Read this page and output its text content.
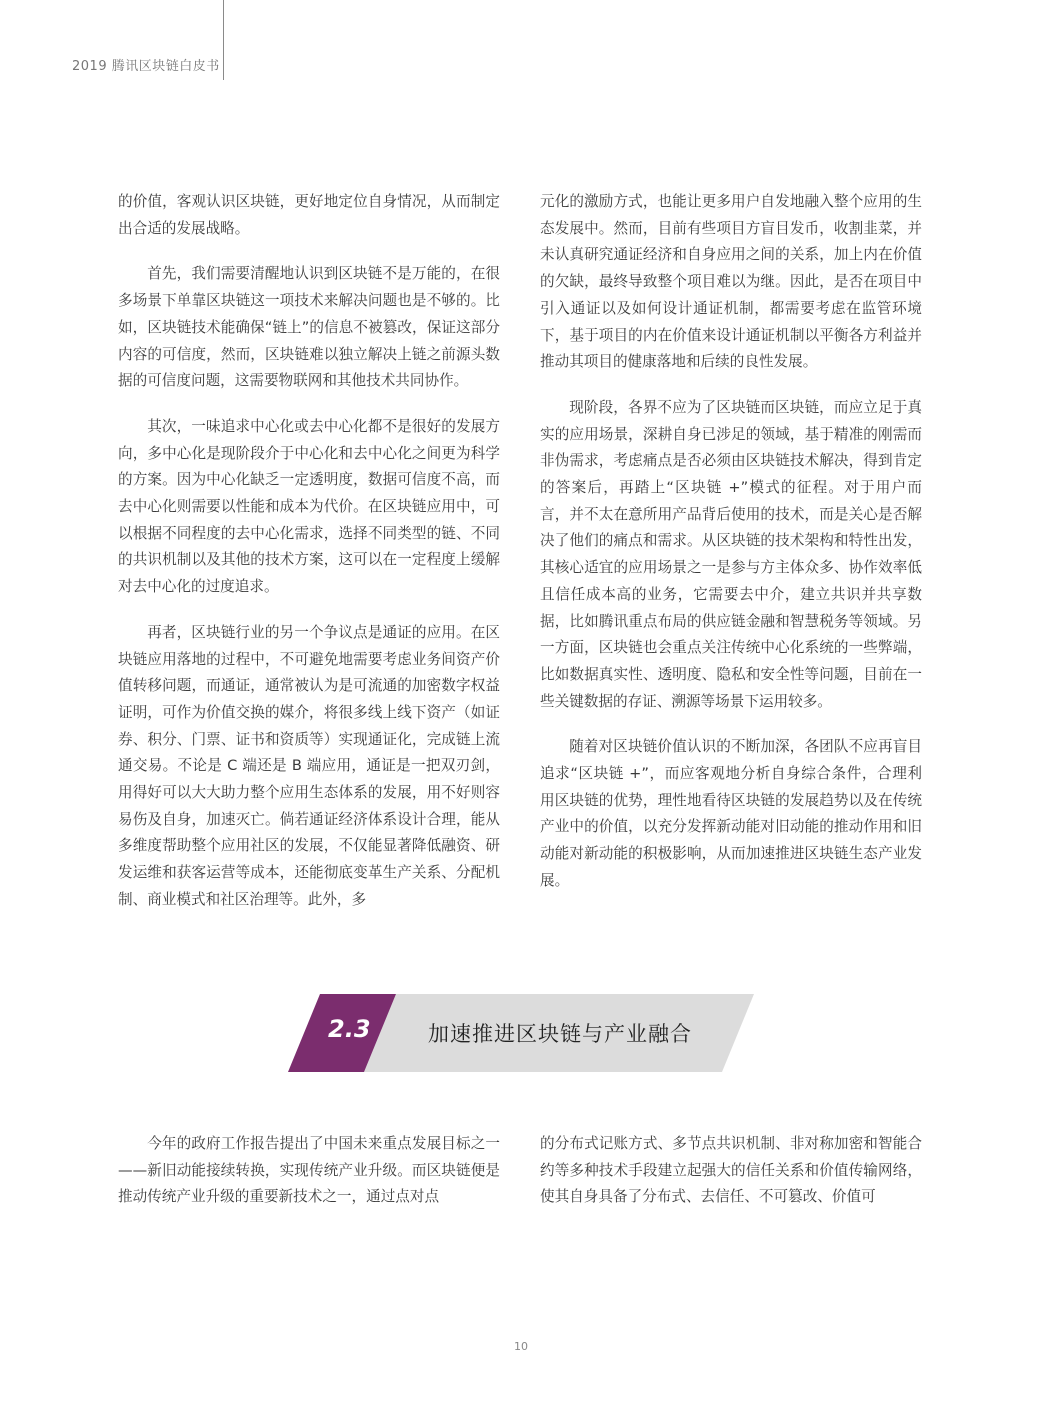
2019 腾讯区块链白皮书

的价值，客观认识区块链，更好地定位自身情况，从而制定出合适的发展战略。

首先，我们需要清醒地认识到区块链不是万能的，在很多场景下单靠区块链这一项技术来解决问题也是不够的。比如，区块链技术能确保“链上”的信息不被篡改，保证这部分内容的可信度，然而，区块链难以独立解决上链之前源头数据的可信度问题，这需要物联网和其他技术共同协作。

其次，一味追求中心化或去中心化都不是很好的发展方向，多中心化是现阶段介于中心化和去中心化之间更为科学的方案。因为中心化缺乏一定透明度，数据可信度不高，而去中心化则需要以性能和成本为代价。在区块链应用中，可以根据不同程度的去中心化需求，选择不同类型的链、不同的共识机制以及其他的技术方案，这可以在一定程度上缓解对去中心化的过度追求。

再者，区块链行业的另一个争议点是通证的应用。在区块链应用落地的过程中，不可避免地需要考虑业务间资产价值转移问题，而通证，通常被认为是可流通的加密数字权益证明，可作为价值交换的媒介，将很多线上线下资产（如证券、积分、门票、证书和资质等）实现通证化，完成链上流通交易。不论是 C 端还是 B 端应用，通证是一把双刃剑，用得好可以大大助力整个应用生态体系的发展，用不好则容易伤及自身，加速灭亡。倘若通证经济体系设计合理，能从多维度帮助整个应用社区的发展，不仅能显著降低融资、研发运维和获客运营等成本，还能彻底变革生产关系、分配机制、商业模式和社区治理等。此外，多

元化的激励方式，也能让更多用户自发地融入整个应用的生态发展中。然而，目前有些项目方盲目发币，收割韭菜，并未认真研究通证经济和自身应用之间的关系，加上内在价值的欠缺，最终导致整个项目难以为继。因此，是否在项目中引入通证以及如何设计通证机制，都需要考虑在监管环境下，基于项目的内在价值来设计通证机制以平衡各方利益并推动其项目的健康落地和后续的良性发展。

现阶段，各界不应为了区块链而区块链，而应立足于真实的应用场景，深耕自身已涉足的领域，基于精准的刚需而非伪需求，考虑痛点是否必须由区块链技术解决，得到肯定的答案后，再踏上“区块链 +”模式的征程。对于用户而言，并不太在意所用产品背后使用的技术，而是关心是否解决了他们的痛点和需求。从区块链的技术架构和特性出发，其核心适宜的应用场景之一是参与方主体众多、协作效率低且信任成本高的业务，它需要去中介，建立共识并共享数据，比如腾讯重点布局的供应链金融和智慧税务等领域。另一方面，区块链也会重点关注传统中心化系统的一些弊端，比如数据真实性、透明度、隐私和安全性等问题，目前在一些关键数据的存证、溯源等场景下运用较多。

随着对区块链价值认识的不断加深，各团队不应再盲目追求“区块链 +”，而应客观地分析自身综合条件，合理利用区块链的优势，理性地看待区块链的发展趋势以及在传统产业中的价值，以充分发挥新动能对旧动能的推动作用和旧动能对新动能的积极影响，从而加速推进区块链生态产业发展。

2.3	加速推进区块链与产业融合

今年的政府工作报告提出了中国未来重点发展目标之一——新旧动能接续转换，实现传统产业升级。而区块链便是推动传统产业升级的重要新技术之一，通过点对点

的分布式记账方式、多节点共识机制、非对称加密和智能合约等多种技术手段建立起强大的信任关系和价值传输网络，使其自身具备了分布式、去信任、不可篡改、价值可

10
